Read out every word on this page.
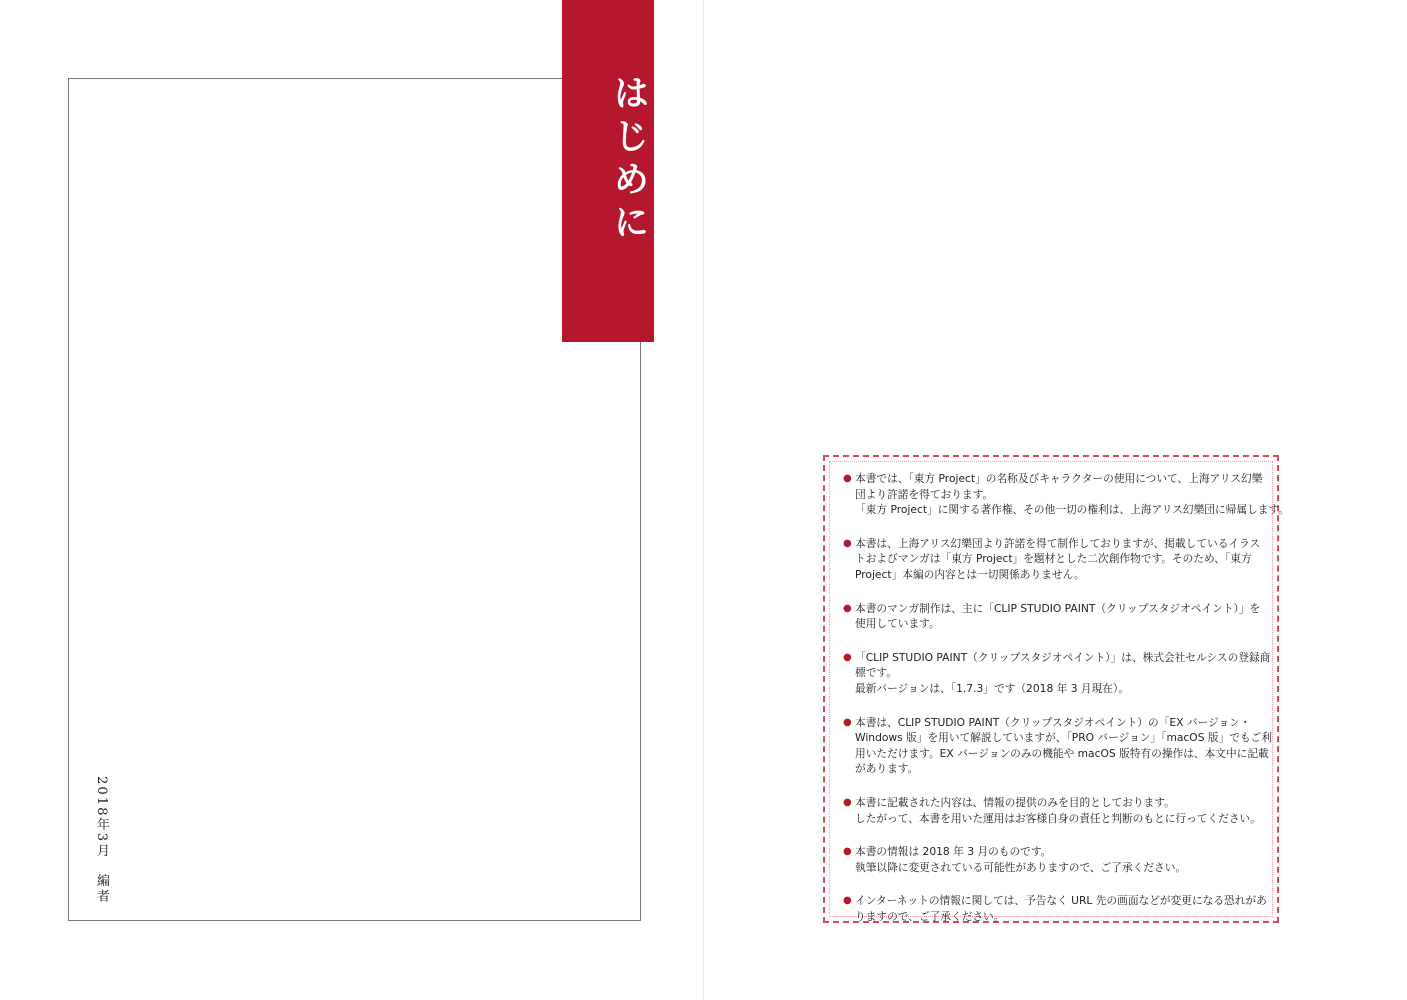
はじめに

2018年3月　編者
● 本書では、「東方 Project」の名称及びキャラクターの使用について、上海アリス幻樂
団より許諾を得ております。
「東方 Project」に関する著作権、その他一切の権利は、上海アリス幻樂団に帰属します。
● 本書は、上海アリス幻樂団より許諾を得て制作しておりますが、掲載しているイラス
トおよびマンガは「東方 Project」を題材とした二次創作物です。そのため、「東方
Project」本編の内容とは一切関係ありません。
● 本書のマンガ制作は、主に「CLIP STUDIO PAINT（クリップスタジオペイント）」を
使用しています。
● 「CLIP STUDIO PAINT（クリップスタジオペイント）」は、株式会社セルシスの登録商
標です。
最新バージョンは、「1.7.3」です（2018 年 3 月現在）。
● 本書は、CLIP STUDIO PAINT（クリップスタジオペイント）の「EX バージョン・
Windows 版」を用いて解説していますが、「PRO バージョン」「macOS 版」でもご利
用いただけます。EX バージョンのみの機能や macOS 版特有の操作は、本文中に記載
があります。
● 本書に記載された内容は、情報の提供のみを目的としております。
したがって、本書を用いた運用はお客様自身の責任と判断のもとに行ってください。
● 本書の情報は 2018 年 3 月のものです。
執筆以降に変更されている可能性がありますので、ご了承ください。
● インターネットの情報に関しては、予告なく URL 先の画面などが変更になる恐れがあ
りますので、ご了承ください。
